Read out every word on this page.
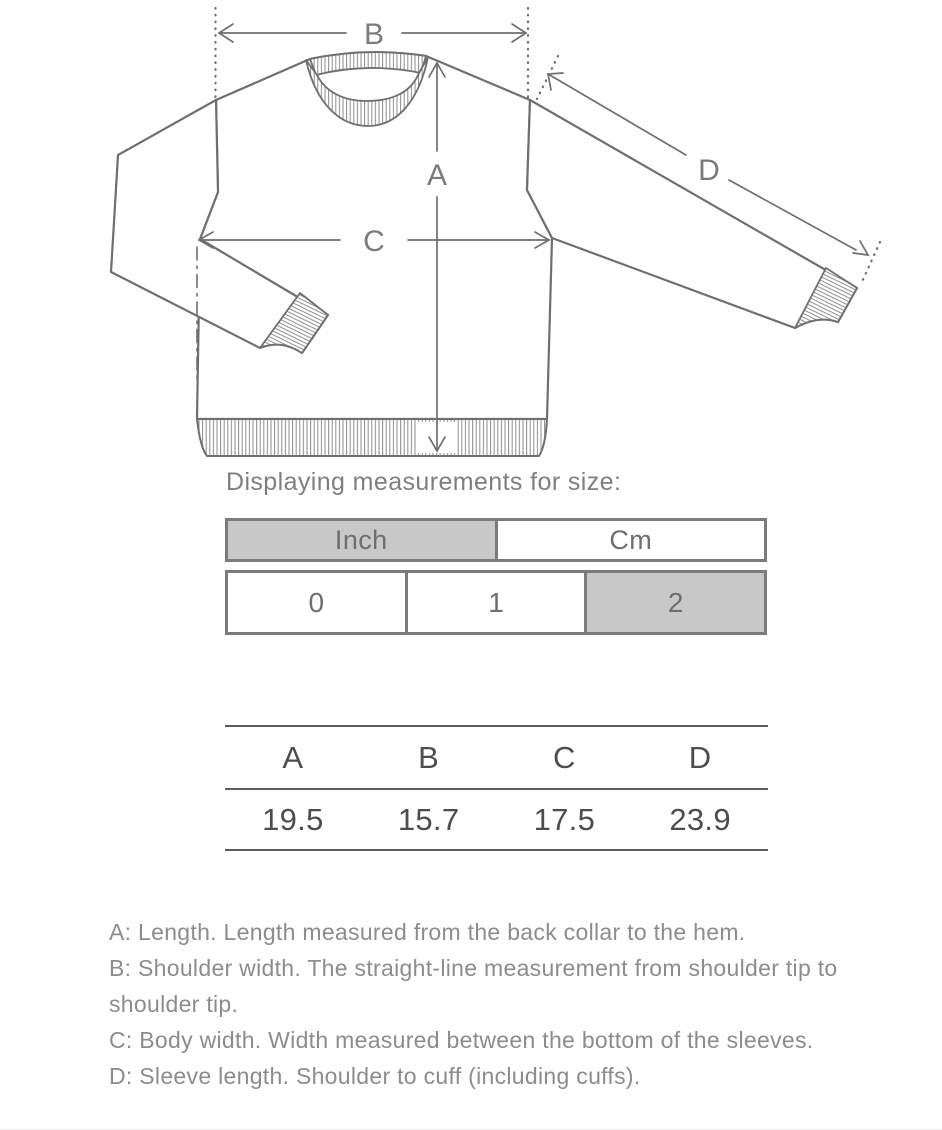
B
A
C
D
Displaying measurements for size:
Inch	Cm
0	1	2
A	B	C	D
19.5	15.7	17.5	23.9
A: Length. Length measured from the back collar to the hem.
B: Shoulder width. The straight-line measurement from shoulder tip to
shoulder tip.
C: Body width. Width measured between the bottom of the sleeves.
D: Sleeve length. Shoulder to cuff (including cuffs).
